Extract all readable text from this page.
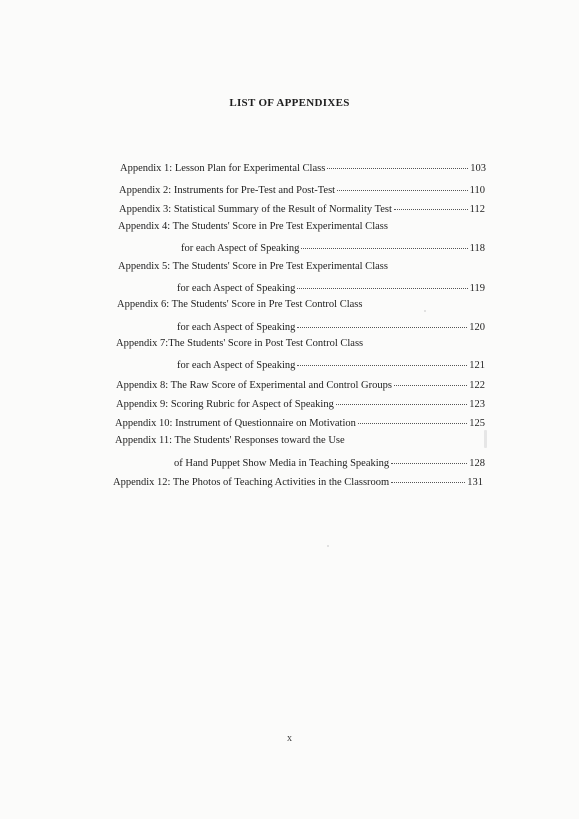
LIST OF APPENDIXES
Appendix 1: Lesson Plan for Experimental Class	103
Appendix 2: Instruments for Pre-Test and Post-Test	110
Appendix 3: Statistical Summary of the Result of Normality Test	112
Appendix 4: The Students' Score in Pre Test Experimental Class
for each Aspect of Speaking	118
Appendix 5: The Students' Score in Pre Test Experimental Class
for each Aspect of Speaking	119
Appendix 6: The Students' Score in Pre Test Control Class
for each Aspect of Speaking	120
Appendix 7:The Students' Score in Post Test Control Class
for each Aspect of Speaking	121
Appendix 8: The Raw Score of Experimental and Control Groups	122
Appendix 9: Scoring Rubric for Aspect of Speaking	123
Appendix 10: Instrument of Questionnaire on Motivation	125
Appendix 11: The Students' Responses toward the Use
of Hand Puppet Show Media in Teaching Speaking	128
Appendix 12: The Photos of Teaching Activities in the Classroom	131
x
